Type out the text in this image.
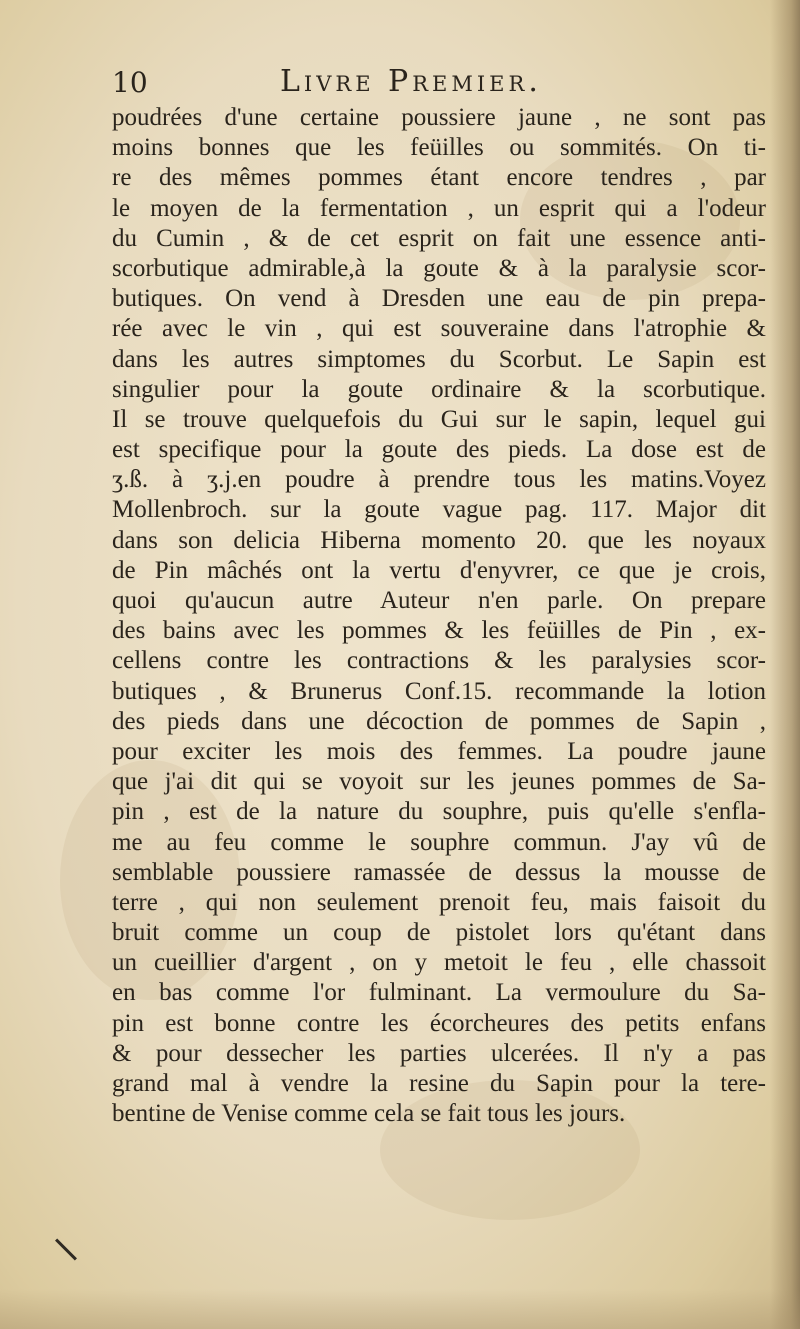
10	Livre Premier.
poudrées d'une certaine poussiere jaune , ne sont pas
moins bonnes que les feüilles ou sommités. On ti-
re des mêmes pommes étant encore tendres , par
le moyen de la fermentation , un esprit qui a l'odeur
du Cumin , & de cet esprit on fait une essence anti-
scorbutique admirable,à la goute & à la paralysie scor-
butiques. On vend à Dresden une eau de pin prepa-
rée avec le vin , qui est souveraine dans l'atrophie &
dans les autres simptomes du Scorbut. Le Sapin est
singulier pour la goute ordinaire & la scorbutique.
Il se trouve quelquefois du Gui sur le sapin, lequel gui
est specifique pour la goute des pieds. La dose est de
ʒ.ß. à ʒ.j.en poudre à prendre tous les matins.Voyez
Mollenbroch. sur la goute vague pag. 117. Major dit
dans son delicia Hiberna momento 20. que les noyaux
de Pin mâchés ont la vertu d'enyvrer, ce que je crois,
quoi qu'aucun autre Auteur n'en parle. On prepare
des bains avec les pommes & les feüilles de Pin , ex-
cellens contre les contractions & les paralysies scor-
butiques , & Brunerus Conf.15. recommande la lotion
des pieds dans une décoction de pommes de Sapin ,
pour exciter les mois des femmes. La poudre jaune
que j'ai dit qui se voyoit sur les jeunes pommes de Sa-
pin , est de la nature du souphre, puis qu'elle s'enfla-
me au feu comme le souphre commun. J'ay vû de
semblable poussiere ramassée de dessus la mousse de
terre , qui non seulement prenoit feu, mais faisoit du
bruit comme un coup de pistolet lors qu'étant dans
un cueillier d'argent , on y metoit le feu , elle chassoit
en bas comme l'or fulminant. La vermoulure du Sa-
pin est bonne contre les écorcheures des petits enfans
& pour dessecher les parties ulcerées. Il n'y a pas
grand mal à vendre la resine du Sapin pour la tere-
bentine de Venise comme cela se fait tous les jours.
